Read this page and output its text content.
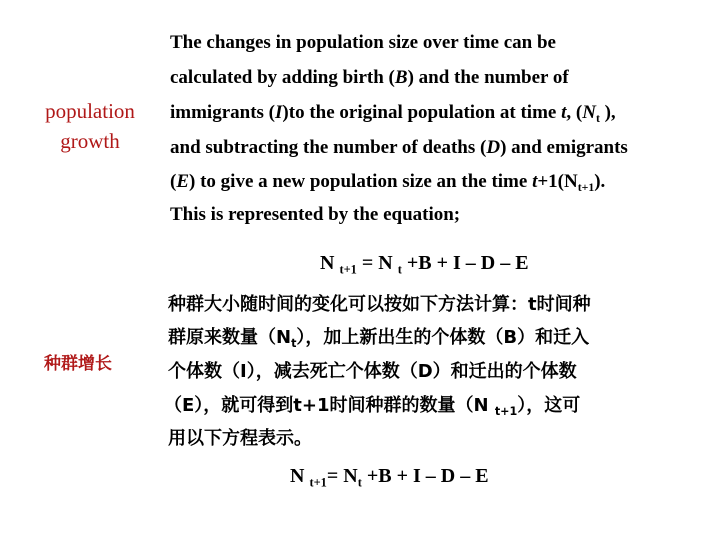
population growth
The changes in population size over time can be
calculated by adding birth (B) and the number of
immigrants (I)to the original population at time t, ($N_t$ ),
and subtracting the number of deaths (D) and emigrants
(E) to give a new population size an the time $t+1(N_{t+1})$.
This is represented by the equation;
N $_{t+1}$ = N $_t$ +B + I – D – E
种群增长
种群大小随时间的变化可以按如下方法计算：t时间种
群原来数量$(N_t)$，加上新出生的个体数（B）和迁入
个体数（I），减去死亡个体数（D）和迁出的个体数
（E），就可得到t+1时间种群的数量（N $_{t+1}$），这可
用以下方程表示。
N $_{t+1}= N_t +B + I - D - E$
